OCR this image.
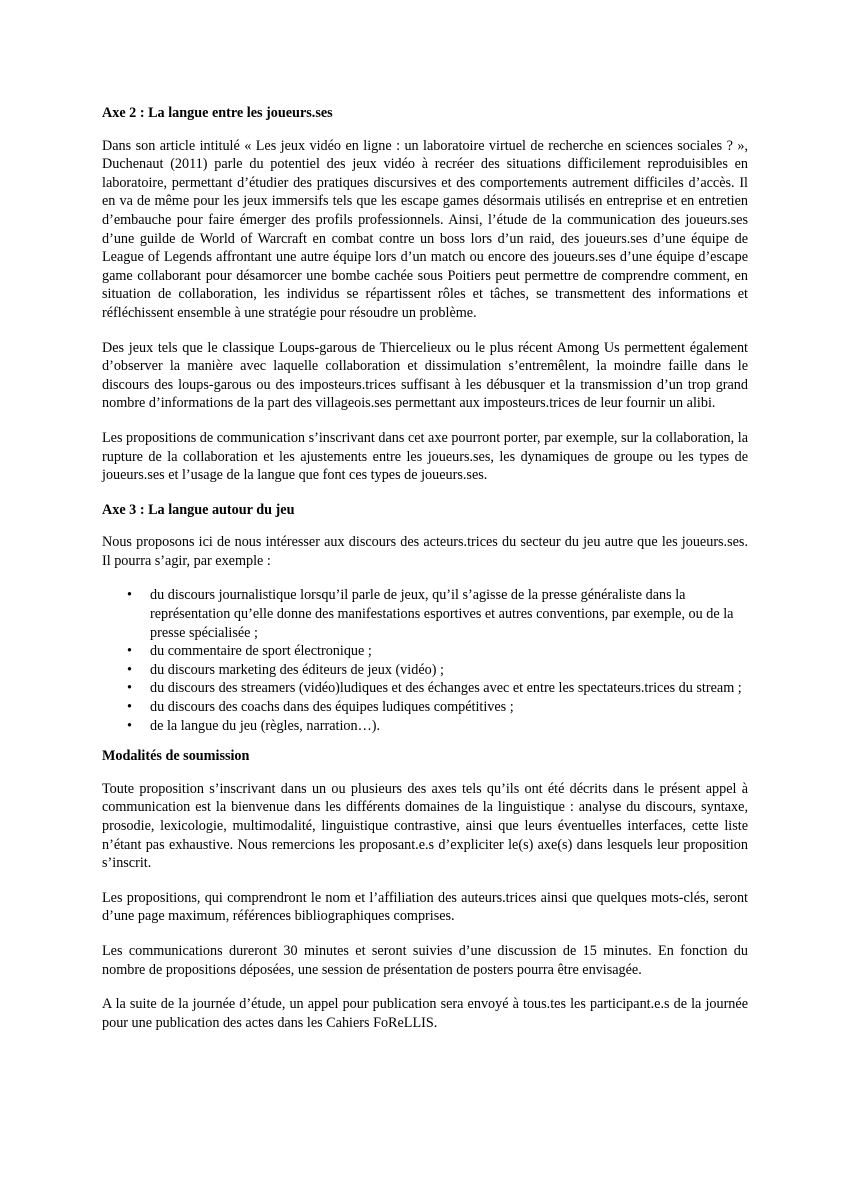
Axe 2 : La langue entre les joueurs.ses

Dans son article intitulé « Les jeux vidéo en ligne : un laboratoire virtuel de recherche en sciences sociales ? », Duchenaut (2011) parle du potentiel des jeux vidéo à recréer des situations difficilement reproduisibles en laboratoire, permettant d’étudier des pratiques discursives et des comportements autrement difficiles d’accès. Il en va de même pour les jeux immersifs tels que les escape games désormais utilisés en entreprise et en entretien d’embauche pour faire émerger des profils professionnels. Ainsi, l’étude de la communication des joueurs.ses d’une guilde de World of Warcraft en combat contre un boss lors d’un raid, des joueurs.ses d’une équipe de League of Legends affrontant une autre équipe lors d’un match ou encore des joueurs.ses d’une équipe d’escape game collaborant pour désamorcer une bombe cachée sous Poitiers peut permettre de comprendre comment, en situation de collaboration, les individus se répartissent rôles et tâches, se transmettent des informations et réfléchissent ensemble à une stratégie pour résoudre un problème.

Des jeux tels que le classique Loups-garous de Thiercelieux ou le plus récent Among Us permettent également d’observer la manière avec laquelle collaboration et dissimulation s’entremêlent, la moindre faille dans le discours des loups-garous ou des imposteurs.trices suffisant à les débusquer et la transmission d’un trop grand nombre d’informations de la part des villageois.ses permettant aux imposteurs.trices de leur fournir un alibi.

Les propositions de communication s’inscrivant dans cet axe pourront porter, par exemple, sur la collaboration, la rupture de la collaboration et les ajustements entre les joueurs.ses, les dynamiques de groupe ou les types de joueurs.ses et l’usage de la langue que font ces types de joueurs.ses.

Axe 3 : La langue autour du jeu

Nous proposons ici de nous intéresser aux discours des acteurs.trices du secteur du jeu autre que les joueurs.ses. Il pourra s’agir, par exemple :

• du discours journalistique lorsqu’il parle de jeux, qu’il s’agisse de la presse généraliste dans la représentation qu’elle donne des manifestations esportives et autres conventions, par exemple, ou de la presse spécialisée ;
• du commentaire de sport électronique ;
• du discours marketing des éditeurs de jeux (vidéo) ;
• du discours des streamers (vidéo)ludiques et des échanges avec et entre les spectateurs.trices du stream ;
• du discours des coachs dans des équipes ludiques compétitives ;
• de la langue du jeu (règles, narration…).
Modalités de soumission

Toute proposition s’inscrivant dans un ou plusieurs des axes tels qu’ils ont été décrits dans le présent appel à communication est la bienvenue dans les différents domaines de la linguistique : analyse du discours, syntaxe, prosodie, lexicologie, multimodalité, linguistique contrastive, ainsi que leurs éventuelles interfaces, cette liste n’étant pas exhaustive. Nous remercions les proposant.e.s d’expliciter le(s) axe(s) dans lesquels leur proposition s’inscrit.

Les propositions, qui comprendront le nom et l’affiliation des auteurs.trices ainsi que quelques mots-clés, seront d’une page maximum, références bibliographiques comprises.

Les communications dureront 30 minutes et seront suivies d’une discussion de 15 minutes. En fonction du nombre de propositions déposées, une session de présentation de posters pourra être envisagée.

A la suite de la journée d’étude, un appel pour publication sera envoyé à tous.tes les participant.e.s de la journée pour une publication des actes dans les Cahiers FoReLLIS.
